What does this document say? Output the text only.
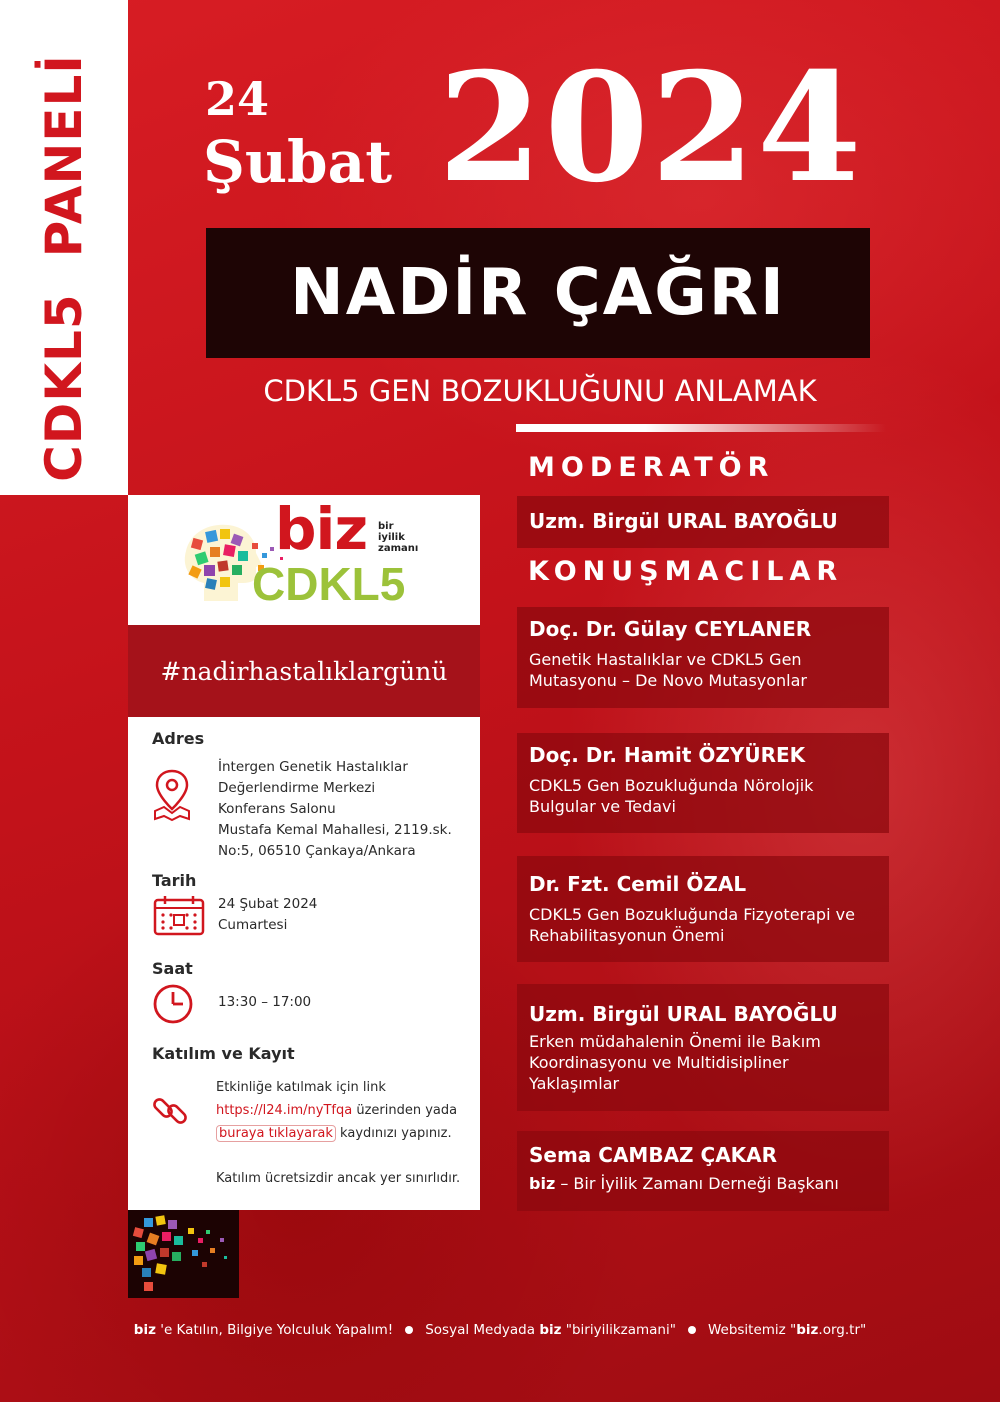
CDKL5PANELİ 24
Şubat 2024
NADİR ÇAĞRI
CDKL5 GEN BOZUKLUĞUNU ANLAMAK
MODERATÖR
Uzm. Birgül URAL BAYOĞLU
KONUŞMACILAR
Doç. Dr. Gülay CEYLANER
Genetik Hastalıklar ve CDKL5 Gen
Mutasyonu – De Novo Mutasyonlar
Doç. Dr. Hamit ÖZYÜREK
CDKL5 Gen Bozukluğunda Nörolojik
Bulgular ve Tedavi
Dr. Fzt. Cemil ÖZAL
CDKL5 Gen Bozukluğunda Fizyoterapi ve
Rehabilitasyonun Önemi
Uzm. Birgül URAL BAYOĞLU
Erken müdahalenin Önemi ile Bakım
Koordinasyonu ve Multidisipliner
Yaklaşımlar
Sema CAMBAZ ÇAKAR
biz – Bir İyilik Zamanı Derneği Başkanı
biz bir
iyilik
zamanı
CDKL5
#nadirhastalıklargünü
Adres
İntergen Genetik Hastalıklar
Değerlendirme Merkezi
Konferans Salonu
Mustafa Kemal Mahallesi, 2119.sk.
No:5, 06510 Çankaya/Ankara
Tarih
24 Şubat 2024
Cumartesi
Saat
13:30 – 17:00
Katılım ve Kayıt
Etkinliğe katılmak için link
https://l24.im/nyTfqa üzerinden yada
buraya tıklayarak kaydınızı yapınız.
Katılım ücretsizdir ancak yer sınırlıdır.
biz 'e Katılın, Bilgiye Yolculuk Yapalım! Sosyal Medyada biz "biriyilikzamani" Websitemiz "biz.org.tr"
